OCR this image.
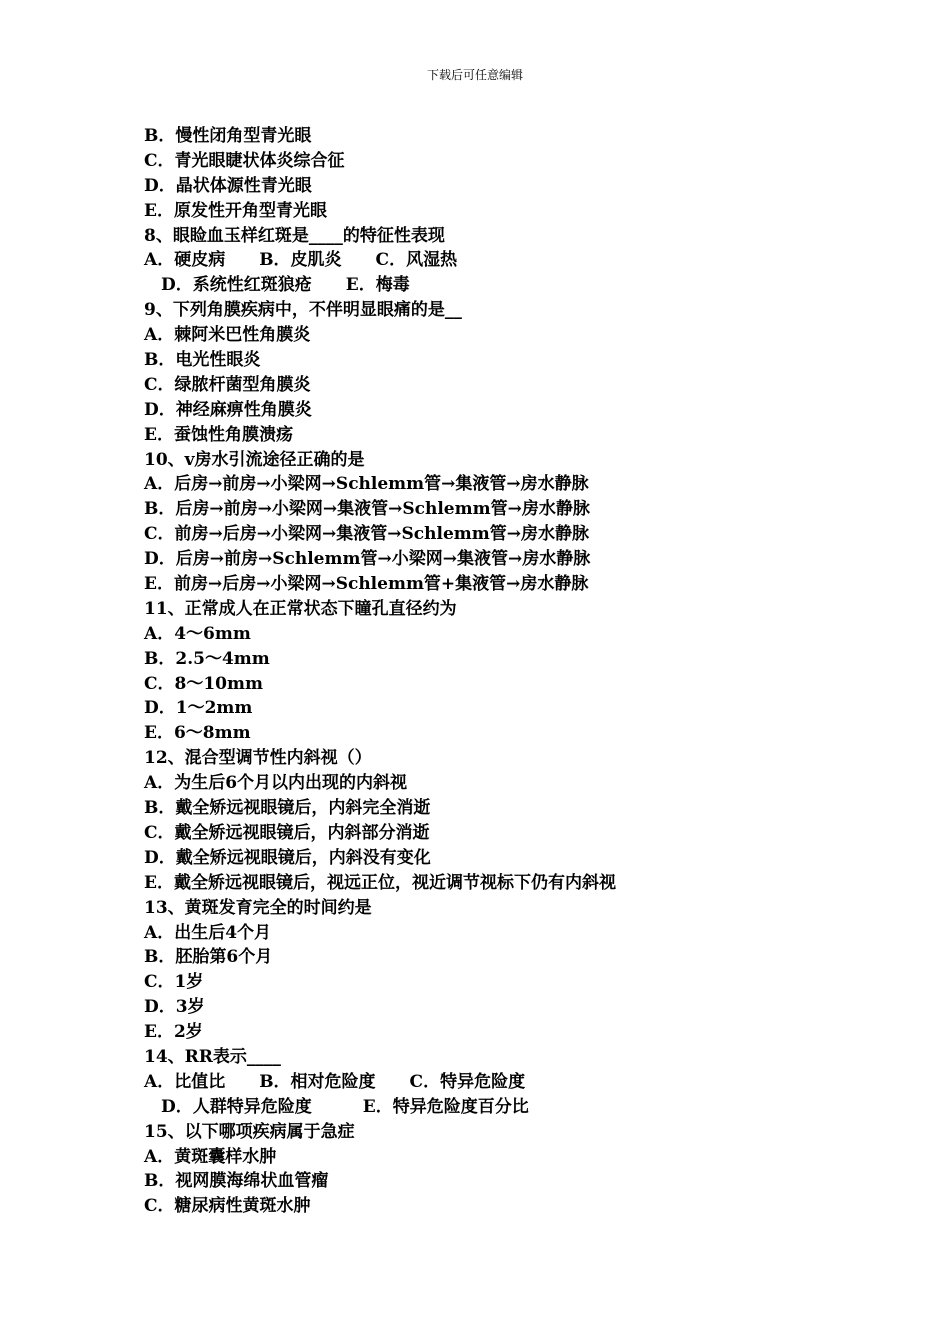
下载后可任意编辑
B．慢性闭角型青光眼
C．青光眼睫状体炎综合征
D．晶状体源性青光眼
E．原发性开角型青光眼
8、眼睑血玉样红斑是____的特征性表现
A．硬皮病　　B．皮肌炎　　C．风湿热
　D．系统性红斑狼疮　　E．梅毒
9、下列角膜疾病中，不伴明显眼痛的是__
A．棘阿米巴性角膜炎
B．电光性眼炎
C．绿脓杆菌型角膜炎
D．神经麻痹性角膜炎
E．蚕蚀性角膜溃疡
10、v房水引流途径正确的是
A．后房→前房→小梁网→Schlemm管→集液管→房水静脉
B．后房→前房→小梁网→集液管→Schlemm管→房水静脉
C．前房→后房→小梁网→集液管→Schlemm管→房水静脉
D．后房→前房→Schlemm管→小梁网→集液管→房水静脉
E．前房→后房→小梁网→Schlemm管+集液管→房水静脉
11、正常成人在正常状态下瞳孔直径约为
A．4～6mm
B．2.5～4mm
C．8～10mm
D．1～2mm
E．6～8mm
12、混合型调节性内斜视（）
A．为生后6个月以内出现的内斜视
B．戴全矫远视眼镜后，内斜完全消逝
C．戴全矫远视眼镜后，内斜部分消逝
D．戴全矫远视眼镜后，内斜没有变化
E．戴全矫远视眼镜后，视远正位，视近调节视标下仍有内斜视
13、黄斑发育完全的时间约是
A．出生后4个月
B．胚胎第6个月
C．1岁
D．3岁
E．2岁
14、RR表示____
A．比值比　　B．相对危险度　　C．特异危险度
　D．人群特异危险度　　　E．特异危险度百分比
15、以下哪项疾病属于急症
A．黄斑囊样水肿
B．视网膜海绵状血管瘤
C．糖尿病性黄斑水肿
